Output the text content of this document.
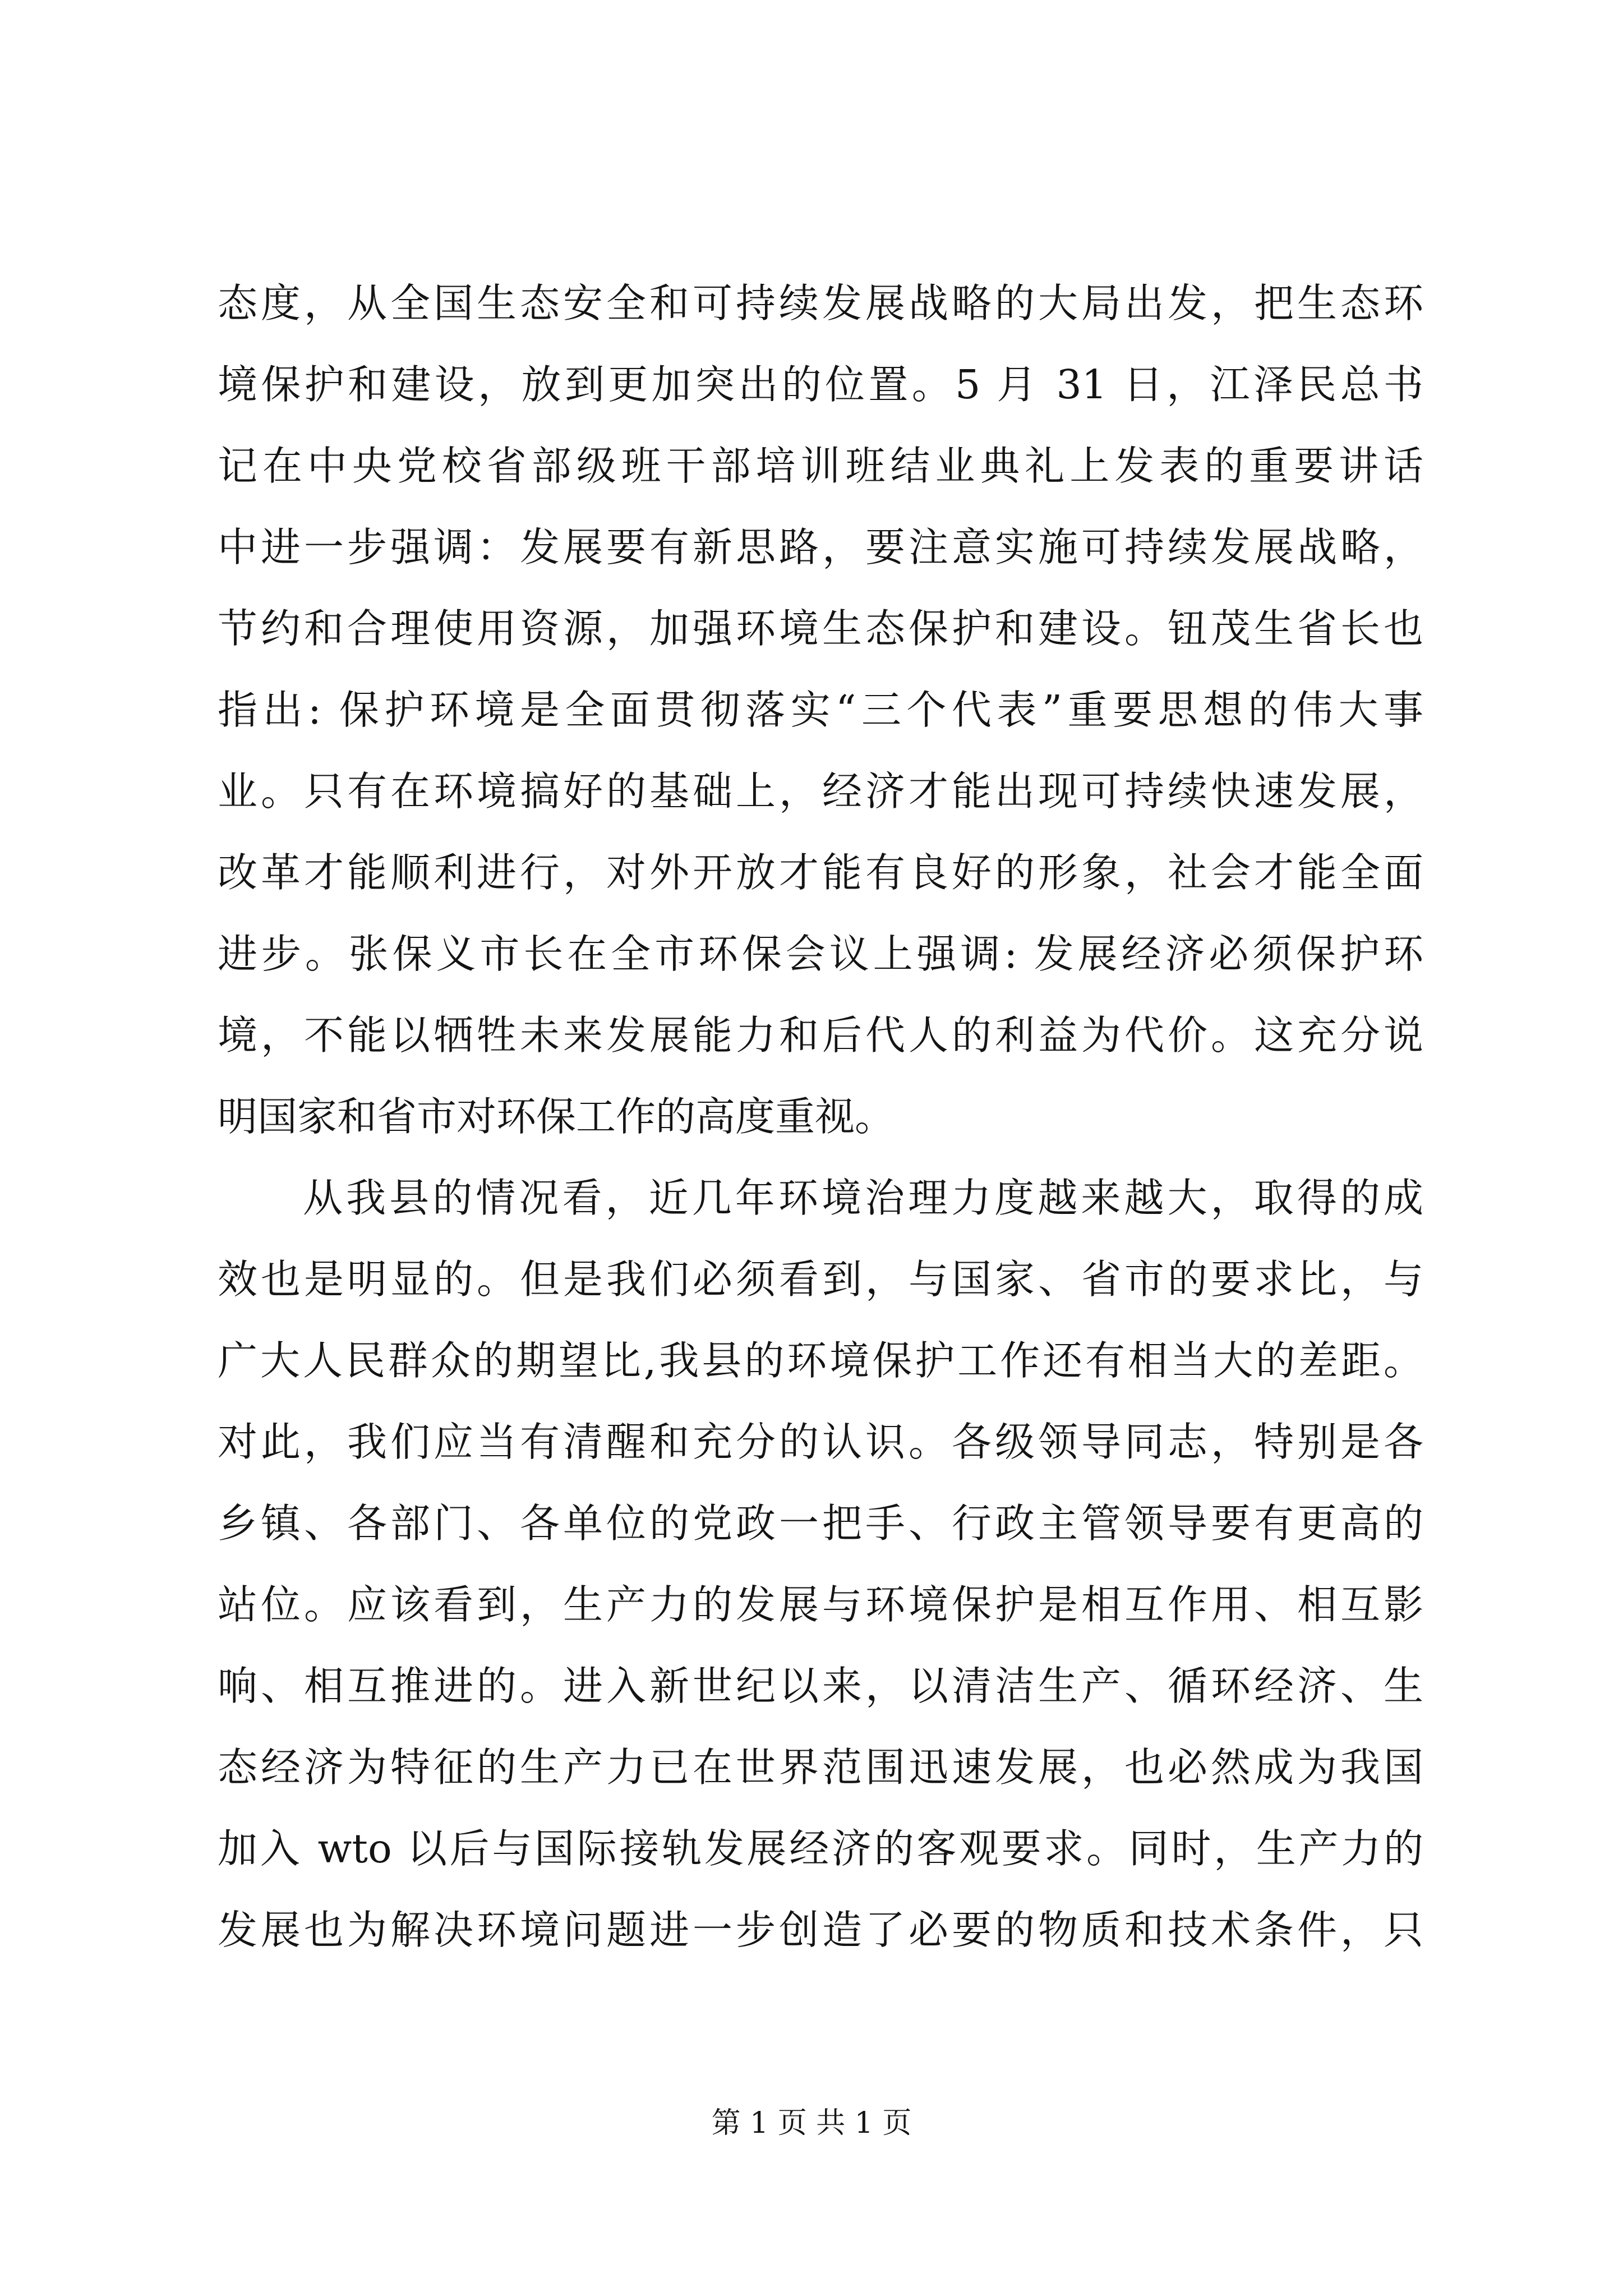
态度，从全国生态安全和可持续发展战略的大局出发，把生态环
境保护和建设，放到更加突出的位置。5 月 31 日，江泽民总书
记在中央党校省部级班干部培训班结业典礼上发表的重要讲话
中进一步强调：发展要有新思路，要注意实施可持续发展战略，
节约和合理使用资源，加强环境生态保护和建设。钮茂生省长也
指出: 保护环境是全面贯彻落实“三个代表”重要思想的伟大事
业。只有在环境搞好的基础上，经济才能出现可持续快速发展，
改革才能顺利进行，对外开放才能有良好的形象，社会才能全面
进步。张保义市长在全市环保会议上强调: 发展经济必须保护环
境，不能以牺牲未来发展能力和后代人的利益为代价。这充分说
明国家和省市对环保工作的高度重视。
从我县的情况看，近几年环境治理力度越来越大，取得的成
效也是明显的。但是我们必须看到，与国家、省市的要求比，与
广大人民群众的期望比,我县的环境保护工作还有相当大的差距。
对此，我们应当有清醒和充分的认识。各级领导同志，特别是各
乡镇、各部门、各单位的党政一把手、行政主管领导要有更高的
站位。应该看到，生产力的发展与环境保护是相互作用、相互影
响、相互推进的。进入新世纪以来，以清洁生产、循环经济、生
态经济为特征的生产力已在世界范围迅速发展，也必然成为我国
加入 wto 以后与国际接轨发展经济的客观要求。同时，生产力的
发展也为解决环境问题进一步创造了必要的物质和技术条件，只
第 1 页 共 1 页
